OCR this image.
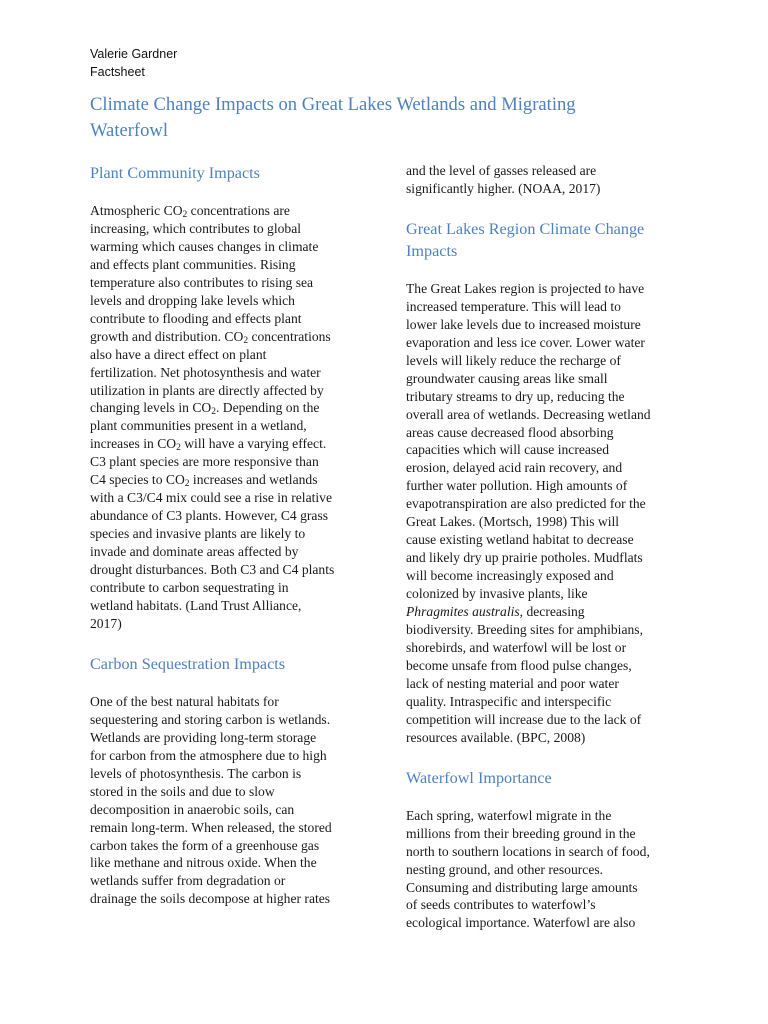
Valerie Gardner
Factsheet
Climate Change Impacts on Great Lakes Wetlands and Migrating
Waterfowl
Plant Community Impacts

Atmospheric $CO_2$ concentrations are
increasing, which contributes to global
warming which causes changes in climate
and effects plant communities. Rising
temperature also contributes to rising sea
levels and dropping lake levels which
contribute to flooding and effects plant
growth and distribution. $CO_2$ concentrations
also have a direct effect on plant
fertilization. Net photosynthesis and water
utilization in plants are directly affected by
changing levels in $CO_2$. Depending on the
plant communities present in a wetland,
increases in $CO_2$ will have a varying effect.
C3 plant species are more responsive than
C4 species to $CO_2$ increases and wetlands
with a C3/C4 mix could see a rise in relative
abundance of C3 plants. However, C4 grass
species and invasive plants are likely to
invade and dominate areas affected by
drought disturbances. Both C3 and C4 plants
contribute to carbon sequestrating in
wetland habitats. (Land Trust Alliance,
2017)

Carbon Sequestration Impacts

One of the best natural habitats for
sequestering and storing carbon is wetlands.
Wetlands are providing long-term storage
for carbon from the atmosphere due to high
levels of photosynthesis. The carbon is
stored in the soils and due to slow
decomposition in anaerobic soils, can
remain long-term. When released, the stored
carbon takes the form of a greenhouse gas
like methane and nitrous oxide. When the
wetlands suffer from degradation or
drainage the soils decompose at higher rates

and the level of gasses released are
significantly higher. (NOAA, 2017)

Great Lakes Region Climate Change
Impacts

The Great Lakes region is projected to have
increased temperature. This will lead to
lower lake levels due to increased moisture
evaporation and less ice cover. Lower water
levels will likely reduce the recharge of
groundwater causing areas like small
tributary streams to dry up, reducing the
overall area of wetlands. Decreasing wetland
areas cause decreased flood absorbing
capacities which will cause increased
erosion, delayed acid rain recovery, and
further water pollution. High amounts of
evapotranspiration are also predicted for the
Great Lakes. (Mortsch, 1998) This will
cause existing wetland habitat to decrease
and likely dry up prairie potholes. Mudflats
will become increasingly exposed and
colonized by invasive plants, like
Phragmites australis, decreasing
biodiversity. Breeding sites for amphibians,
shorebirds, and waterfowl will be lost or
become unsafe from flood pulse changes,
lack of nesting material and poor water
quality. Intraspecific and interspecific
competition will increase due to the lack of
resources available. (BPC, 2008)

Waterfowl Importance

Each spring, waterfowl migrate in the
millions from their breeding ground in the
north to southern locations in search of food,
nesting ground, and other resources.
Consuming and distributing large amounts
of seeds contributes to waterfowl’s
ecological importance. Waterfowl are also
